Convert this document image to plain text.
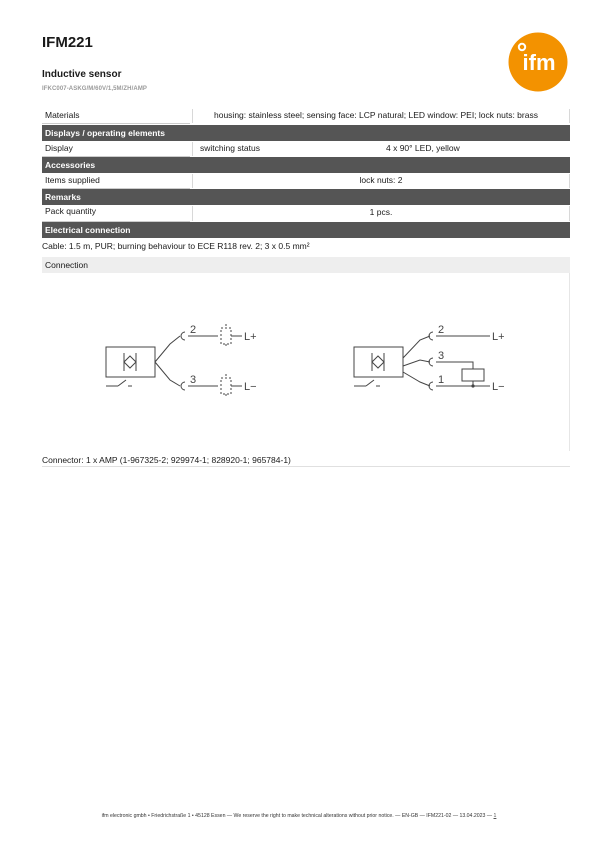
IFM221
Inductive sensor
IFKC007-ASKG/M/60V/1,5M/ZH/AMP
ifm
Materials	housing: stainless steel; sensing face: LCP natural; LED window: PEI; lock nuts: brass
Displays / operating elements
Display	switching status	4 x 90° LED, yellow
Accessories
Items supplied	lock nuts: 2
Remarks
Pack quantity	1 pcs.
Electrical connection
Cable: 1.5 m, PUR; burning behaviour to ECE R118 rev. 2; 3 x 0.5 mm²
Connection
2
3
L+
L−
2
3
1
L+
L−
Connector: 1 x AMP (1-967325-2; 929974-1; 828920-1; 965784-1)
ifm electronic gmbh • Friedrichstraße 1 • 45128 Essen — We reserve the right to make technical alterations without prior notice. — EN-GB — IFM221-02 — 13.04.2023 — 1
